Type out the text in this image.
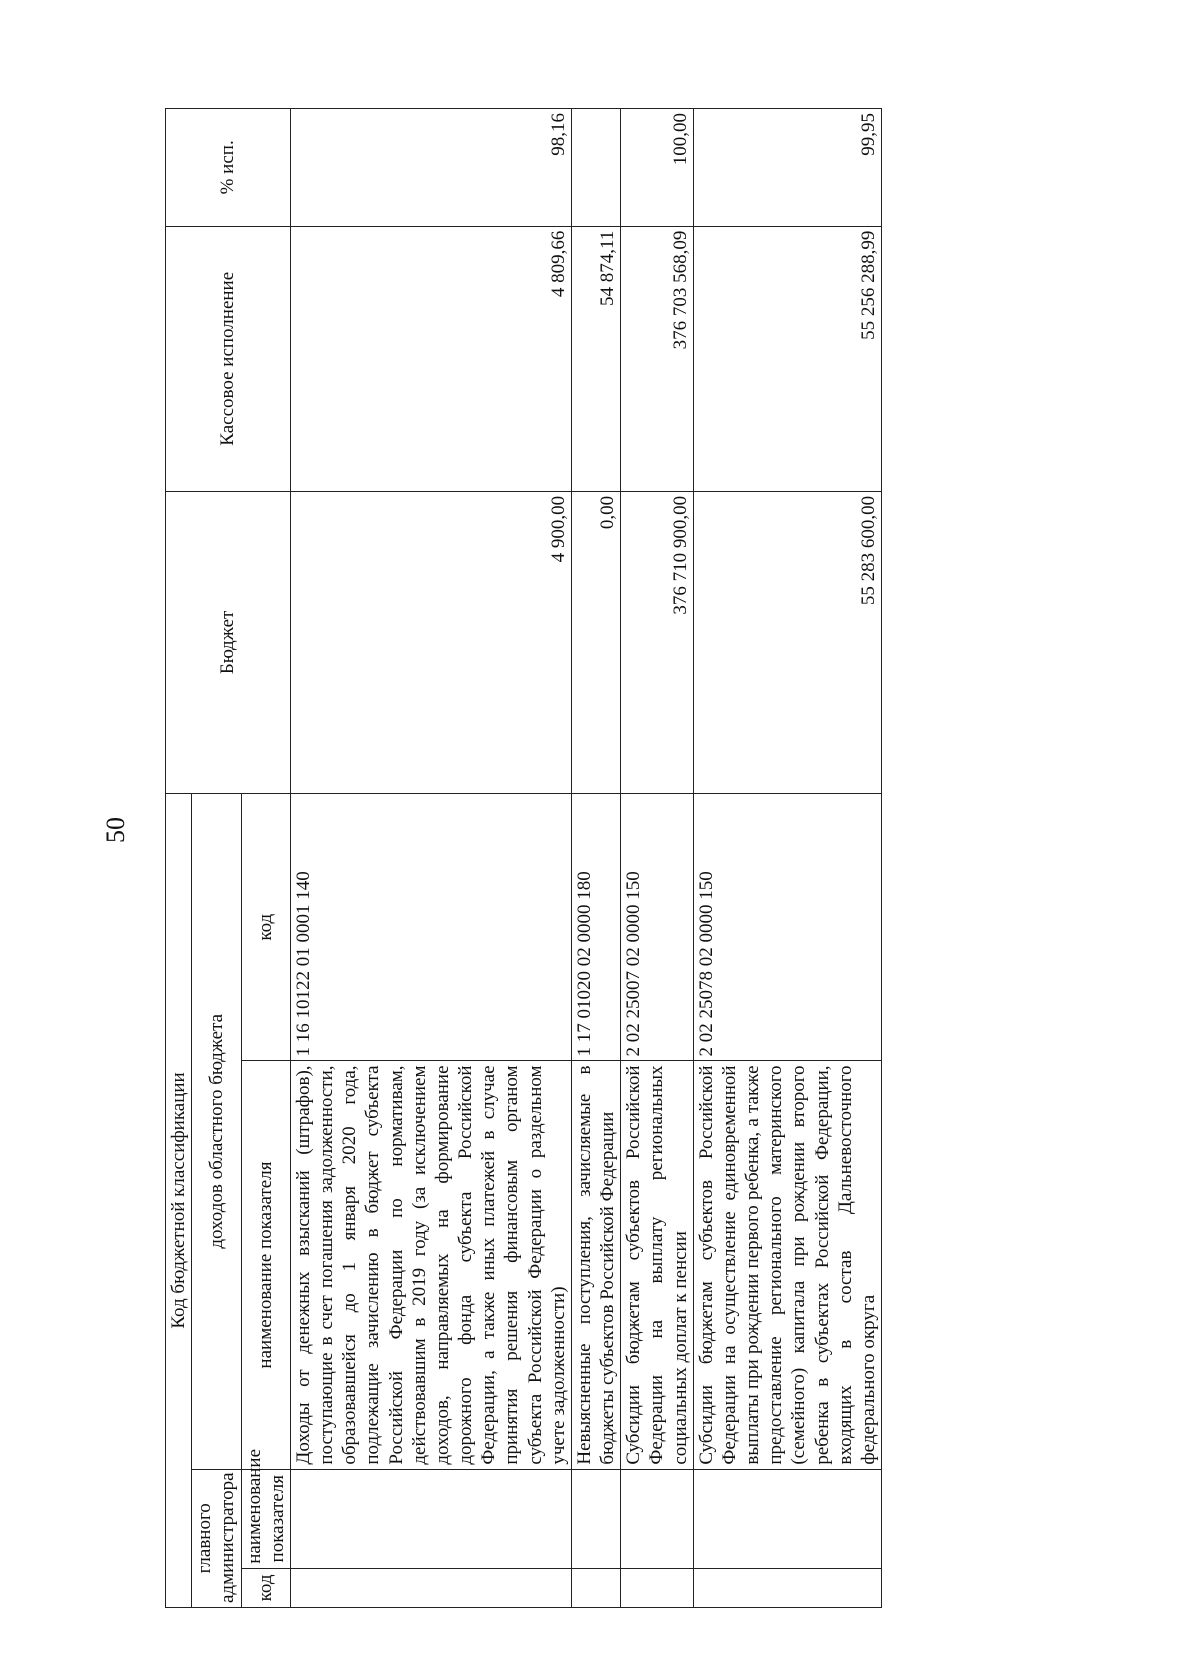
50
Код бюджетной классификации				Бюджет	Кассовое исполнение	% исп.
главного администратора		доходов областного бюджета				
код	наименование показателя	наименование показателя	код			
		Доходы от денежных взысканий (штрафов), поступающие в счет погашения задолженности, образовавшейся до 1 января 2020 года, подлежащие зачислению в бюджет субъекта Российской Федерации по нормативам, действовавшим в 2019 году (за исключением доходов, направляемых на формирование дорожного фонда субъекта Российской Федерации, а также иных платежей в случае принятия решения финансовым органом субъекта Российской Федерации о раздельном учете задолженности)	1 16 10122 01 0001 140	4 900,00	4 809,66	98,16
		Невыясненные поступления, зачисляемые в бюджеты субъектов Российской Федерации	1 17 01020 02 0000 180	0,00	54 874,11	
		Субсидии бюджетам субъектов Российской Федерации на выплату региональных социальных доплат к пенсии	2 02 25007 02 0000 150	376 710 900,00	376 703 568,09	100,00
		Субсидии бюджетам субъектов Российской Федерации на осуществление единовременной выплаты при рождении первого ребенка, а также предоставление регионального материнского (семейного) капитала при рождении второго ребенка в субъектах Российской Федерации, входящих в состав Дальневосточного федерального округа	2 02 25078 02 0000 150	55 283 600,00	55 256 288,99	99,95
